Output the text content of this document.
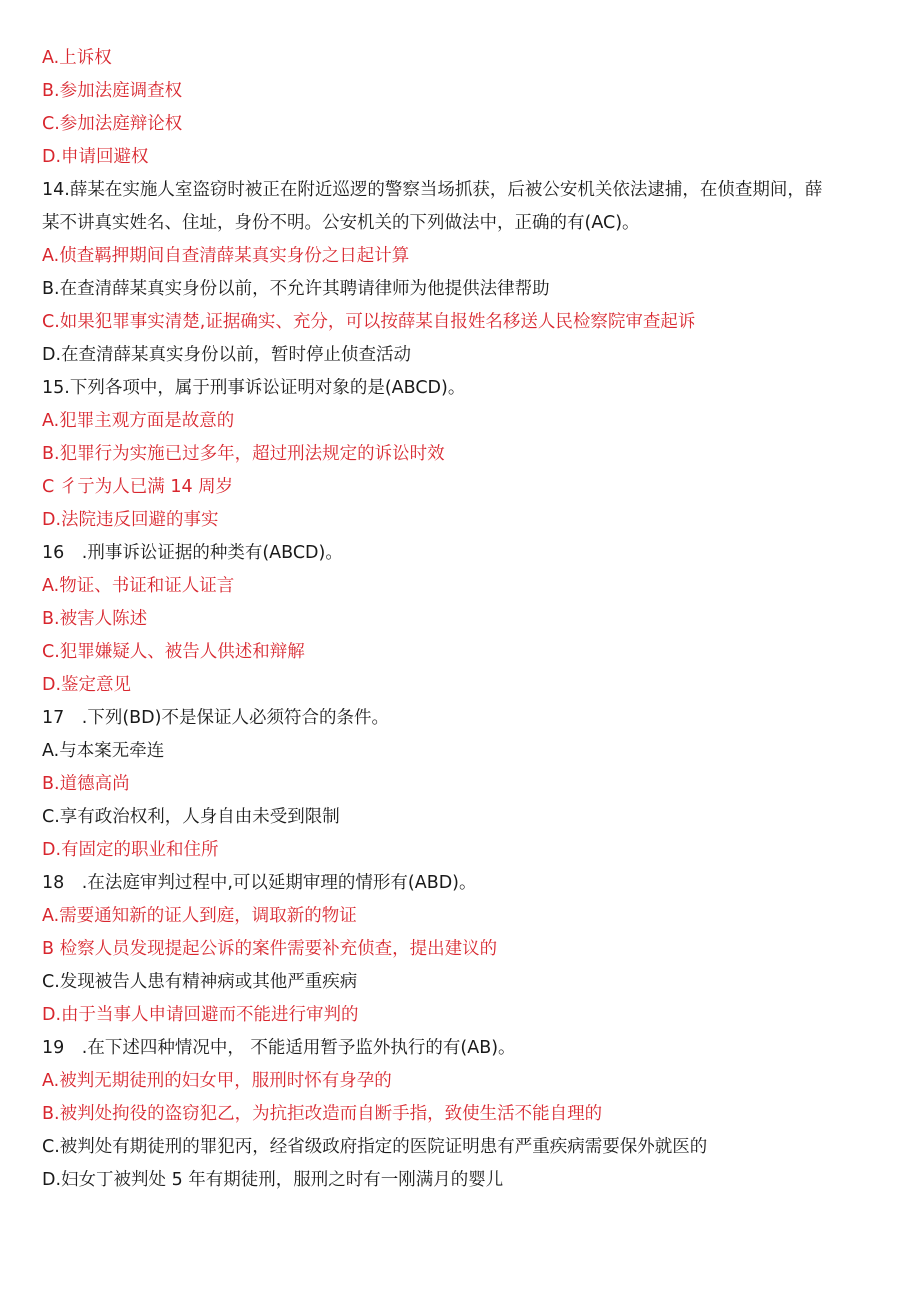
A.上诉权
B.参加法庭调查权
C.参加法庭辩论权
D.申请回避权
14.薛某在实施人室盗窃时被正在附近巡逻的警察当场抓获，后被公安机关依法逮捕，在侦查期间，薛
某不讲真实姓名、住址，身份不明。公安机关的下列做法中，正确的有(AC)。
A.侦查羁押期间自查清薛某真实身份之日起计算
B.在查清薛某真实身份以前，不允许其聘请律师为他提供法律帮助
C.如果犯罪事实清楚,证据确实、充分，可以按薛某自报姓名移送人民检察院审查起诉
D.在查清薛某真实身份以前，暂时停止侦查活动
15.下列各项中，属于刑事诉讼证明对象的是(ABCD)。
A.犯罪主观方面是故意的
B.犯罪行为实施已过多年，超过刑法规定的诉讼时效
C 彳亍为人已满 14 周岁
D.法院违反回避的事实
16　.刑事诉讼证据的种类有(ABCD)。
A.物证、书证和证人证言
B.被害人陈述
C.犯罪嫌疑人、被告人供述和辩解
D.鉴定意见
17　.下列(BD)不是保证人必须符合的条件。
A.与本案无牵连
B.道德高尚
C.享有政治权利，人身自由未受到限制
D.有固定的职业和住所
18　.在法庭审判过程中,可以延期审理的情形有(ABD)。
A.需要通知新的证人到庭，调取新的物证
B 检察人员发现提起公诉的案件需要补充侦查，提出建议的
C.发现被告人患有精神病或其他严重疾病
D.由于当事人申请回避而不能进行审判的
19　.在下述四种情况中， 不能适用暂予监外执行的有(AB)。
A.被判无期徒刑的妇女甲，服刑时怀有身孕的
B.被判处拘役的盗窃犯乙，为抗拒改造而自断手指，致使生活不能自理的
C.被判处有期徒刑的罪犯丙，经省级政府指定的医院证明患有严重疾病需要保外就医的
D.妇女丁被判处 5 年有期徒刑，服刑之时有一刚满月的婴儿
